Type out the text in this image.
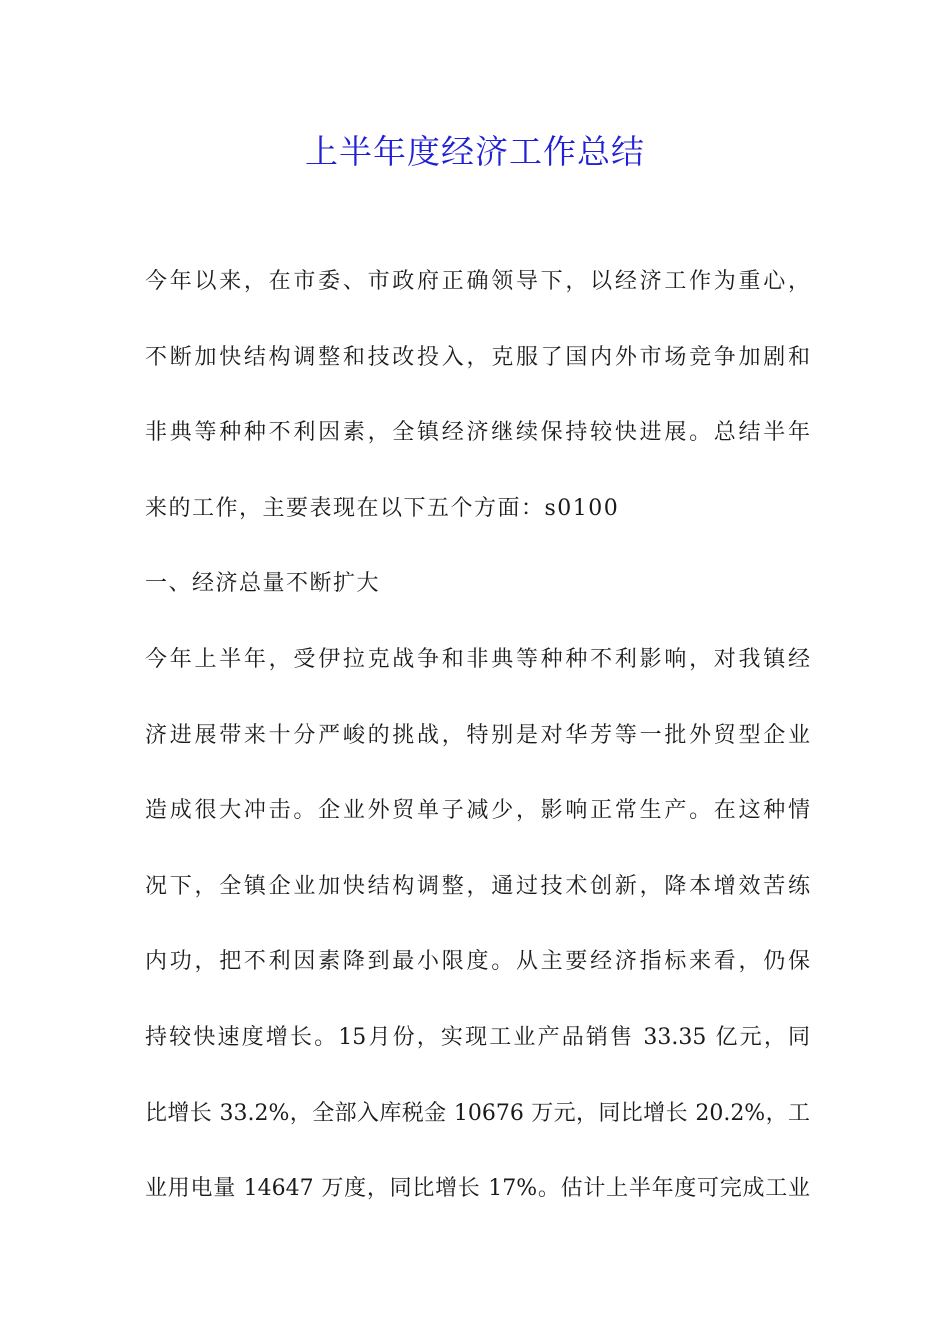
上半年度经济工作总结
今年以来，在市委、市政府正确领导下，以经济工作为重心，
不断加快结构调整和技改投入，克服了国内外市场竞争加剧和
非典等种种不利因素，全镇经济继续保持较快进展。总结半年
来的工作，主要表现在以下五个方面：s0100
一、经济总量不断扩大
今年上半年，受伊拉克战争和非典等种种不利影响，对我镇经
济进展带来十分严峻的挑战，特别是对华芳等一批外贸型企业
造成很大冲击。企业外贸单子减少，影响正常生产。在这种情
况下，全镇企业加快结构调整，通过技术创新，降本增效苦练
内功，把不利因素降到最小限度。从主要经济指标来看，仍保
持较快速度增长。15月份，实现工业产品销售 33.35 亿元，同
比增长 33.2%，全部入库税金 10676 万元，同比增长 20.2%，工
业用电量 14647 万度，同比增长 17%。估计上半年度可完成工业
